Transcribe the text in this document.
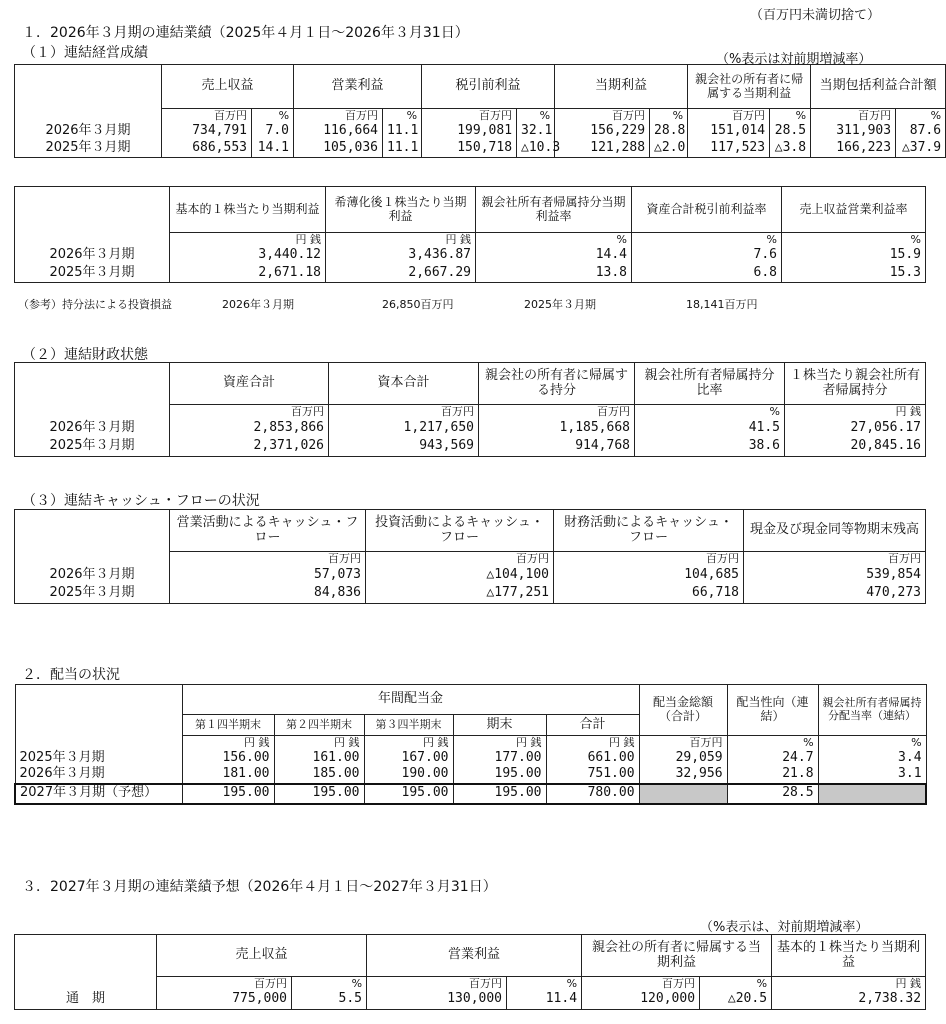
（百万円未満切捨て）
１．2026年３月期の連結業績（2025年４月１日～2026年３月31日）
（１）連結経営成績	（%表示は対前期増減率）
	売上収益		営業利益		税引前利益		当期利益		親会社の所有者に帰属する当期利益		当期包括利益合計額	
	百万円	%	百万円	%	百万円	%	百万円	%	百万円	%	百万円	%
2026年３月期	734,791	7.0	116,664	11.1	199,081	32.1	156,229	28.8	151,014	28.5	311,903	87.6
2025年３月期	686,553	14.1	105,036	11.1	150,718	△10.3	121,288	△2.0	117,523	△3.8	166,223	△37.9
	基本的１株当たり当期利益	希薄化後１株当たり当期利益	親会社所有者帰属持分当期利益率	資産合計税引前利益率	売上収益営業利益率
	円 銭	円 銭	%	%	%
2026年３月期	3,440.12	3,436.87	14.4	7.6	15.9
2025年３月期	2,671.18	2,667.29	13.8	6.8	15.3
（参考）持分法による投資損益	2026年３月期	26,850百万円	2025年３月期	18,141百万円
（２）連結財政状態
	資産合計	資本合計	親会社の所有者に帰属する持分	親会社所有者帰属持分比率	１株当たり親会社所有者帰属持分
	百万円	百万円	百万円	%	円 銭
2026年３月期	2,853,866	1,217,650	1,185,668	41.5	27,056.17
2025年３月期	2,371,026	943,569	914,768	38.6	20,845.16
（３）連結キャッシュ・フローの状況
	営業活動によるキャッシュ・フロー	投資活動によるキャッシュ・フロー	財務活動によるキャッシュ・フロー	現金及び現金同等物期末残高
	百万円	百万円	百万円	百万円
2026年３月期	57,073	△104,100	104,685	539,854
2025年３月期	84,836	△177,251	66,718	470,273
２．配当の状況
	年間配当金					配当金総額（合計）	配当性向（連結）	親会社所有者帰属持分配当率（連結）
	第１四半期末	第２四半期末	第３四半期末	期末	合計			
	円 銭	円 銭	円 銭	円 銭	円 銭	百万円	%	%
2025年３月期	156.00	161.00	167.00	177.00	661.00	29,059	24.7	3.4
2026年３月期	181.00	185.00	190.00	195.00	751.00	32,956	21.8	3.1
2027年３月期（予想）	195.00	195.00	195.00	195.00	780.00		28.5	
３．2027年３月期の連結業績予想（2026年４月１日～2027年３月31日）
（%表示は、対前期増減率）
	売上収益		営業利益		親会社の所有者に帰属する当期利益		基本的１株当たり当期利益
	百万円	%	百万円	%	百万円	%	円 銭
通　期	775,000	5.5	130,000	11.4	120,000	△20.5	2,738.32
